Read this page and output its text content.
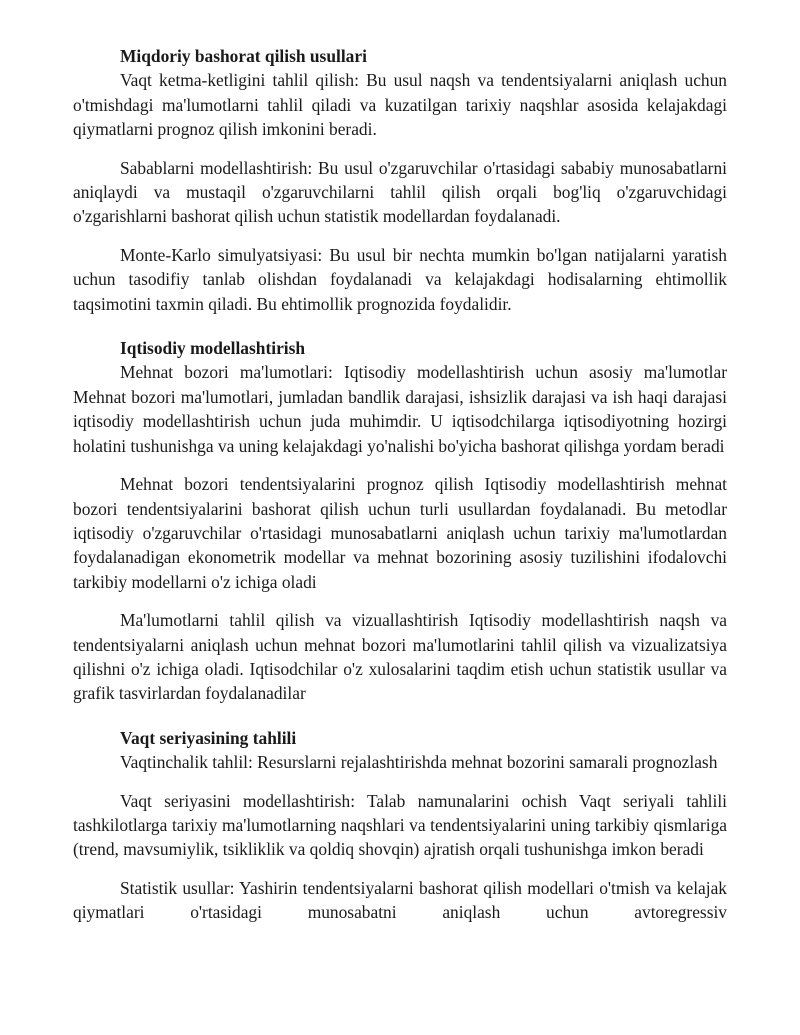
Miqdoriy bashorat qilish usullari

Vaqt ketma-ketligini tahlil qilish: Bu usul naqsh va tendentsiyalarni aniqlash uchun o'tmishdagi ma'lumotlarni tahlil qiladi va kuzatilgan tarixiy naqshlar asosida kelajakdagi qiymatlarni prognoz qilish imkonini beradi.

Sabablarni modellashtirish: Bu usul o'zgaruvchilar o'rtasidagi sababiy munosabatlarni aniqlaydi va mustaqil o'zgaruvchilarni tahlil qilish orqali bog'liq o'zgaruvchidagi o'zgarishlarni bashorat qilish uchun statistik modellardan foydalanadi.

Monte-Karlo simulyatsiyasi: Bu usul bir nechta mumkin bo'lgan natijalarni yaratish uchun tasodifiy tanlab olishdan foydalanadi va kelajakdagi hodisalarning ehtimollik taqsimotini taxmin qiladi. Bu ehtimollik prognozida foydalidir.

Iqtisodiy modellashtirish

Mehnat bozori ma'lumotlari: Iqtisodiy modellashtirish uchun asosiy ma'lumotlar Mehnat bozori ma'lumotlari, jumladan bandlik darajasi, ishsizlik darajasi va ish haqi darajasi iqtisodiy modellashtirish uchun juda muhimdir. U iqtisodchilarga iqtisodiyotning hozirgi holatini tushunishga va uning kelajakdagi yo'nalishi bo'yicha bashorat qilishga yordam beradi

Mehnat bozori tendentsiyalarini prognoz qilish Iqtisodiy modellashtirish mehnat bozori tendentsiyalarini bashorat qilish uchun turli usullardan foydalanadi. Bu metodlar iqtisodiy o'zgaruvchilar o'rtasidagi munosabatlarni aniqlash uchun tarixiy ma'lumotlardan foydalanadigan ekonometrik modellar va mehnat bozorining asosiy tuzilishini ifodalovchi tarkibiy modellarni o'z ichiga oladi

Ma'lumotlarni tahlil qilish va vizuallashtirish Iqtisodiy modellashtirish naqsh va tendentsiyalarni aniqlash uchun mehnat bozori ma'lumotlarini tahlil qilish va vizualizatsiya qilishni o'z ichiga oladi. Iqtisodchilar o'z xulosalarini taqdim etish uchun statistik usullar va grafik tasvirlardan foydalanadilar

Vaqt seriyasining tahlili

Vaqtinchalik tahlil: Resurslarni rejalashtirishda mehnat bozorini samarali prognozlash

Vaqt seriyasini modellashtirish: Talab namunalarini ochish Vaqt seriyali tahlili tashkilotlarga tarixiy ma'lumotlarning naqshlari va tendentsiyalarini uning tarkibiy qismlariga (trend, mavsumiylik, tsikliklik va qoldiq shovqin) ajratish orqali tushunishga imkon beradi

Statistik usullar: Yashirin tendentsiyalarni bashorat qilish modellari o'tmish va kelajak qiymatlari o'rtasidagi munosabatni aniqlash uchun avtoregressiv
